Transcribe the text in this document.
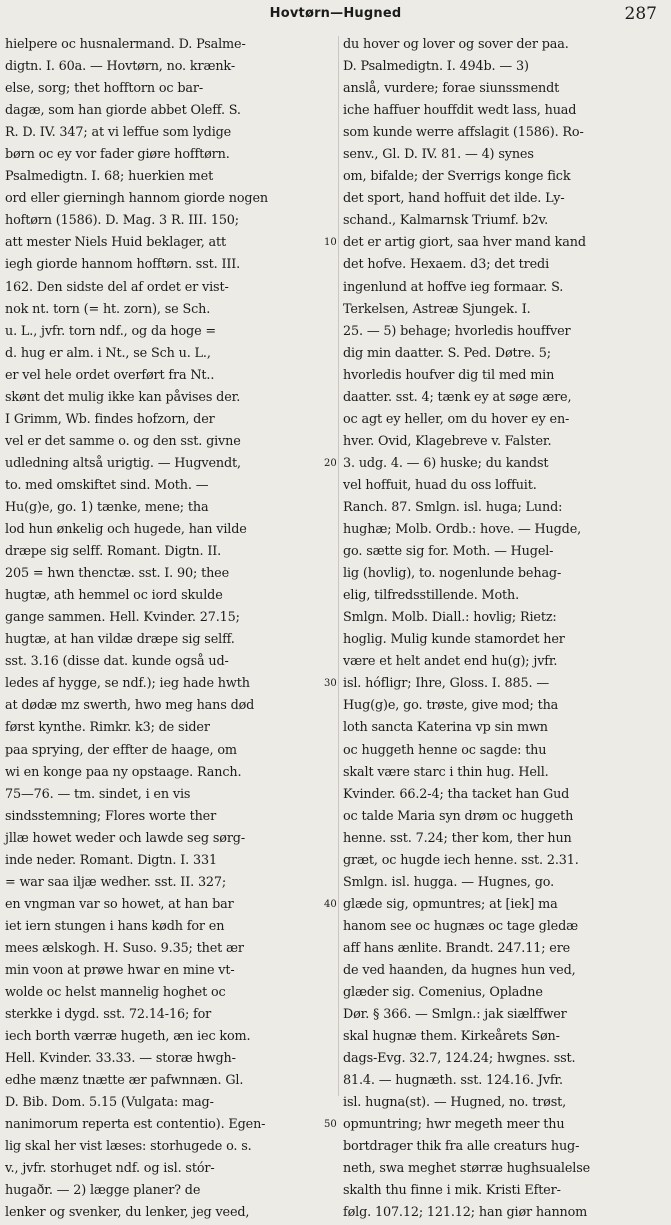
Hovtørn—Hugned	287
hielpere oc husnalermand. D. Psalme-
digtn. I. 60a. — Hovtørn, no. krænk-
else, sorg; thet hofftorn oc bar-
dagæ, som han giorde abbet Oleff. S.
R. D. IV. 347; at vi leffue som lydige
børn oc ey vor fader giøre hofftørn.
Psalmedigtn. I. 68; huerkien met
ord eller gierningh hannom giorde nogen
hoftørn (1586). D. Mag. 3 R. III. 150;
att mester Niels Huid beklager, att
iegh giorde hannom hofftørn. sst. III.
162. Den sidste del af ordet er vist-
nok nt. torn (= ht. zorn), se Sch.
u. L., jvfr. torn ndf., og da hoge =
d. hug er alm. i Nt., se Sch u. L.,
er vel hele ordet overført fra Nt..
skønt det mulig ikke kan påvises der.
I Grimm, Wb. findes hofzorn, der
vel er det samme o. og den sst. givne
udledning altså urigtig. — Hugvendt,
to. med omskiftet sind. Moth. —
Hu(g)e, go. 1) tænke, mene; tha
lod hun ønkelig och hugede, han vilde
dræpe sig selff. Romant. Digtn. II.
205 = hwn thenctæ. sst. I. 90; thee
hugtæ, ath hemmel oc iord skulde
gange sammen. Hell. Kvinder. 27.15;
hugtæ, at han vildæ dræpe sig selff.
sst. 3.16 (disse dat. kunde også ud-
ledes af hygge, se ndf.); ieg hade hwth
at dødæ mz swerth, hwo meg hans død
først kynthe. Rimkr. k3; de sider
paa sprying, der effter de haage, om
wi en konge paa ny opstaage. Ranch.
75—76. — tm. sindet, i en vis
sindsstemning; Flores worte ther
jllæ howet weder och lawde seg sørg-
inde neder. Romant. Digtn. I. 331
= war saa iljæ wedher. sst. II. 327;
en vngman var so howet, at han bar
iet iern stungen i hans kødh for en
mees ælskogh. H. Suso. 9.35; thet ær
min voon at prøwe hwar en mine vt-
wolde oc helst mannelig hoghet oc
sterkke i dygd. sst. 72.14-16; for
iech borth værræ hugeth, æn iec kom.
Hell. Kvinder. 33.33. — storæ hwgh-
edhe mænz tnætte ær pafwnnæn. Gl.
D. Bib. Dom. 5.15 (Vulgata: mag-
nanimorum reperta est contentio). Egen-
lig skal her vist læses: storhugede o. s.
v., jvfr. storhuget ndf. og isl. stór-
hugaðr. — 2) lægge planer? de
lenker og svenker, du lenker, jeg veed,
10
20
30
40
50
du hover og lover og sover der paa.
D. Psalmedigtn. I. 494b. — 3)
anslå, vurdere; forae siunssmendt
iche haffuer houffdit wedt lass, huad
som kunde werre affslagit (1586). Ro-
senv., Gl. D. IV. 81. — 4) synes
om, bifalde; der Sverrigs konge fick
det sport, hand hoffuit det ilde. Ly-
schand., Kalmarnsk Triumf. b2v.
det er artig giort, saa hver mand kand
det hofve. Hexaem. d3; det tredi
ingenlund at hoffve ieg formaar. S.
Terkelsen, Astreæ Sjungek. I.
25. — 5) behage; hvorledis houffver
dig min daatter. S. Ped. Døtre. 5;
hvorledis houfver dig til med min
daatter. sst. 4; tænk ey at søge ære,
oc agt ey heller, om du hover ey en-
hver. Ovid, Klagebreve v. Falster.
3. udg. 4. — 6) huske; du kandst
vel hoffuit, huad du oss loffuit.
Ranch. 87. Smlgn. isl. huga; Lund:
hughæ; Molb. Ordb.: hove. — Hugde,
go. sætte sig for. Moth. — Hugel-
lig (hovlig), to. nogenlunde behag-
elig, tilfredsstillende. Moth.
Smlgn. Molb. Diall.: hovlig; Rietz:
hoglig. Mulig kunde stamordet her
være et helt andet end hu(g); jvfr.
isl. hófligr; Ihre, Gloss. I. 885. —
Hug(g)e, go. trøste, give mod; tha
loth sancta Katerina vp sin mwn
oc huggeth henne oc sagde: thu
skalt være starc i thin hug. Hell.
Kvinder. 66.2-4; tha tacket han Gud
oc talde Maria syn drøm oc huggeth
henne. sst. 7.24; ther kom, ther hun
græt, oc hugde iech henne. sst. 2.31.
Smlgn. isl. hugga. — Hugnes, go.
glæde sig, opmuntres; at [iek] ma
hanom see oc hugnæs oc tage gledæ
aff hans ænlite. Brandt. 247.11; ere
de ved haanden, da hugnes hun ved,
glæder sig. Comenius, Opladne
Dør. § 366. — Smlgn.: jak siælffwer
skal hugnæ them. Kirkeårets Søn-
dags-Evg. 32.7, 124.24; hwgnes. sst.
81.4. — hugnæth. sst. 124.16. Jvfr.
isl. hugna(st). — Hugned, no. trøst,
opmuntring; hwr megeth meer thu
bortdrager thik fra alle creaturs hug-
neth, swa meghet størræ hughsualelse
skalth thu finne i mik. Kristi Efter-
følg. 107.12; 121.12; han giør hannom
